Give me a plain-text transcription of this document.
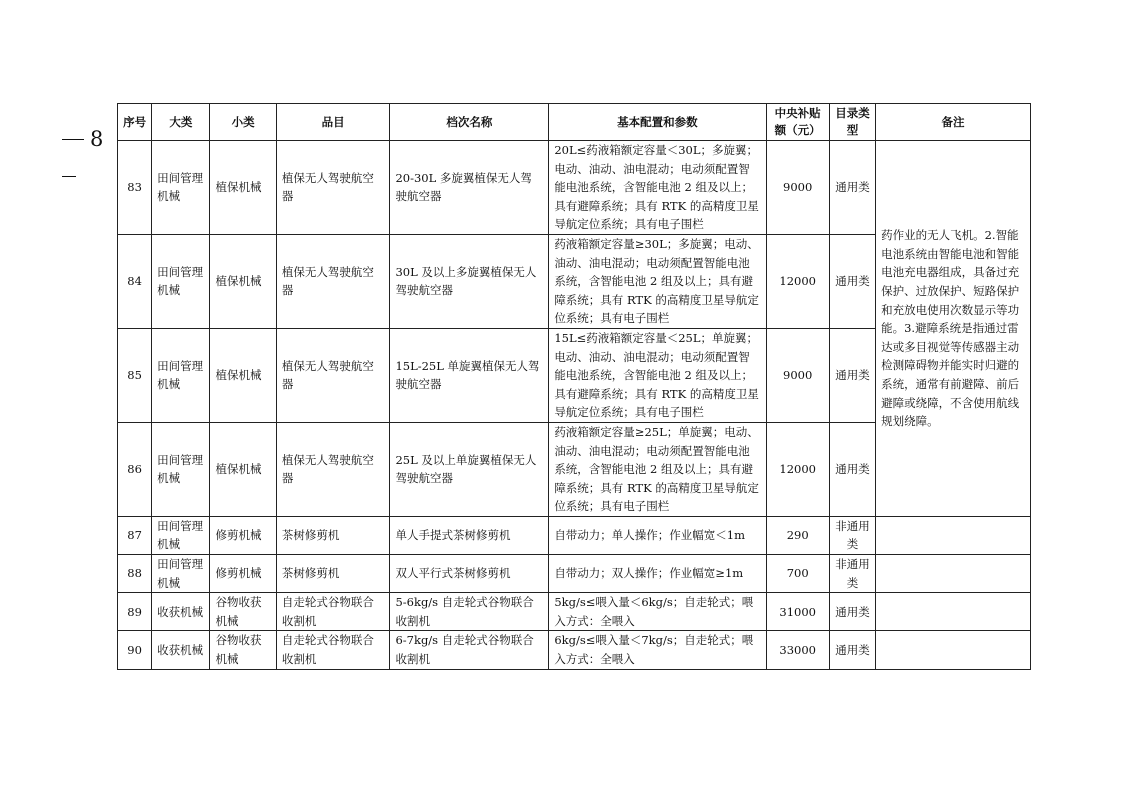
8
序号	大类	小类	品目	档次名称	基本配置和参数	中央补贴额（元）	目录类型	备注
83	田间管理机械	植保机械	植保无人驾驶航空器	20-30L 多旋翼植保无人驾驶航空器	20L≤药液箱额定容量＜30L；多旋翼；电动、油动、油电混动；电动须配置智能电池系统，含智能电池 2 组及以上；具有避障系统；具有 RTK 的高精度卫星导航定位系统；具有电子围栏	9000	通用类	药作业的无人飞机。2.智能电池系统由智能电池和智能电池充电器组成，具备过充保护、过放保护、短路保护和充放电使用次数显示等功能。3.避障系统是指通过雷达或多目视觉等传感器主动检测障碍物并能实时归避的系统，通常有前避障、前后避障或绕障，不含使用航线规划绕障。
84	田间管理机械	植保机械	植保无人驾驶航空器	30L 及以上多旋翼植保无人驾驶航空器	药液箱额定容量≥30L；多旋翼；电动、油动、油电混动；电动须配置智能电池系统，含智能电池 2 组及以上；具有避障系统；具有 RTK 的高精度卫星导航定位系统；具有电子围栏	12000	通用类	
85	田间管理机械	植保机械	植保无人驾驶航空器	15L-25L 单旋翼植保无人驾驶航空器	15L≤药液箱额定容量＜25L；单旋翼；电动、油动、油电混动；电动须配置智能电池系统，含智能电池 2 组及以上；具有避障系统；具有 RTK 的高精度卫星导航定位系统；具有电子围栏	9000	通用类	
86	田间管理机械	植保机械	植保无人驾驶航空器	25L 及以上单旋翼植保无人驾驶航空器	药液箱额定容量≥25L；单旋翼；电动、油动、油电混动；电动须配置智能电池系统，含智能电池 2 组及以上；具有避障系统；具有 RTK 的高精度卫星导航定位系统；具有电子围栏	12000	通用类	
87	田间管理机械	修剪机械	茶树修剪机	单人手提式茶树修剪机	自带动力；单人操作；作业幅宽＜1m	290	非通用类	
88	田间管理机械	修剪机械	茶树修剪机	双人平行式茶树修剪机	自带动力；双人操作；作业幅宽≥1m	700	非通用类	
89	收获机械	谷物收获机械	自走轮式谷物联合收割机	5-6kg/s 自走轮式谷物联合收割机	5kg/s≤喂入量＜6kg/s；自走轮式；喂入方式：全喂入	31000	通用类	
90	收获机械	谷物收获机械	自走轮式谷物联合收割机	6-7kg/s 自走轮式谷物联合收割机	6kg/s≤喂入量＜7kg/s；自走轮式；喂入方式：全喂入	33000	通用类	
